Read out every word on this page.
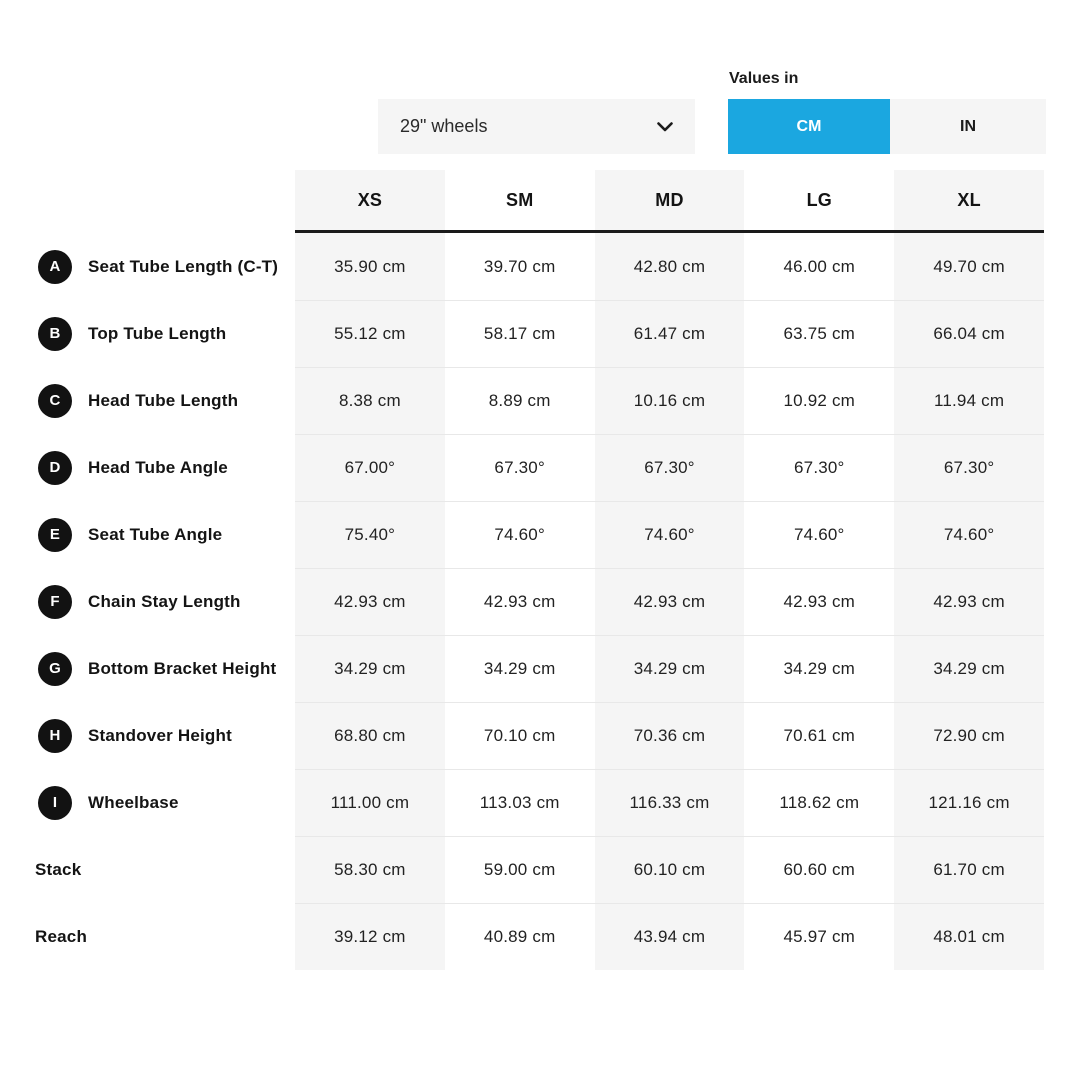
29" wheels
Values in
CM	IN
XS	SM	MD	LG	XL
A	Seat Tube Length (C-T)	35.90 cm	39.70 cm	42.80 cm	46.00 cm	49.70 cm
B	Top Tube Length	55.12 cm	58.17 cm	61.47 cm	63.75 cm	66.04 cm
C	Head Tube Length	8.38 cm	8.89 cm	10.16 cm	10.92 cm	11.94 cm
D	Head Tube Angle	67.00°	67.30°	67.30°	67.30°	67.30°
E	Seat Tube Angle	75.40°	74.60°	74.60°	74.60°	74.60°
F	Chain Stay Length	42.93 cm	42.93 cm	42.93 cm	42.93 cm	42.93 cm
G	Bottom Bracket Height	34.29 cm	34.29 cm	34.29 cm	34.29 cm	34.29 cm
H	Standover Height	68.80 cm	70.10 cm	70.36 cm	70.61 cm	72.90 cm
I	Wheelbase	111.00 cm	113.03 cm	116.33 cm	118.62 cm	121.16 cm
Stack	58.30 cm	59.00 cm	60.10 cm	60.60 cm	61.70 cm
Reach	39.12 cm	40.89 cm	43.94 cm	45.97 cm	48.01 cm
